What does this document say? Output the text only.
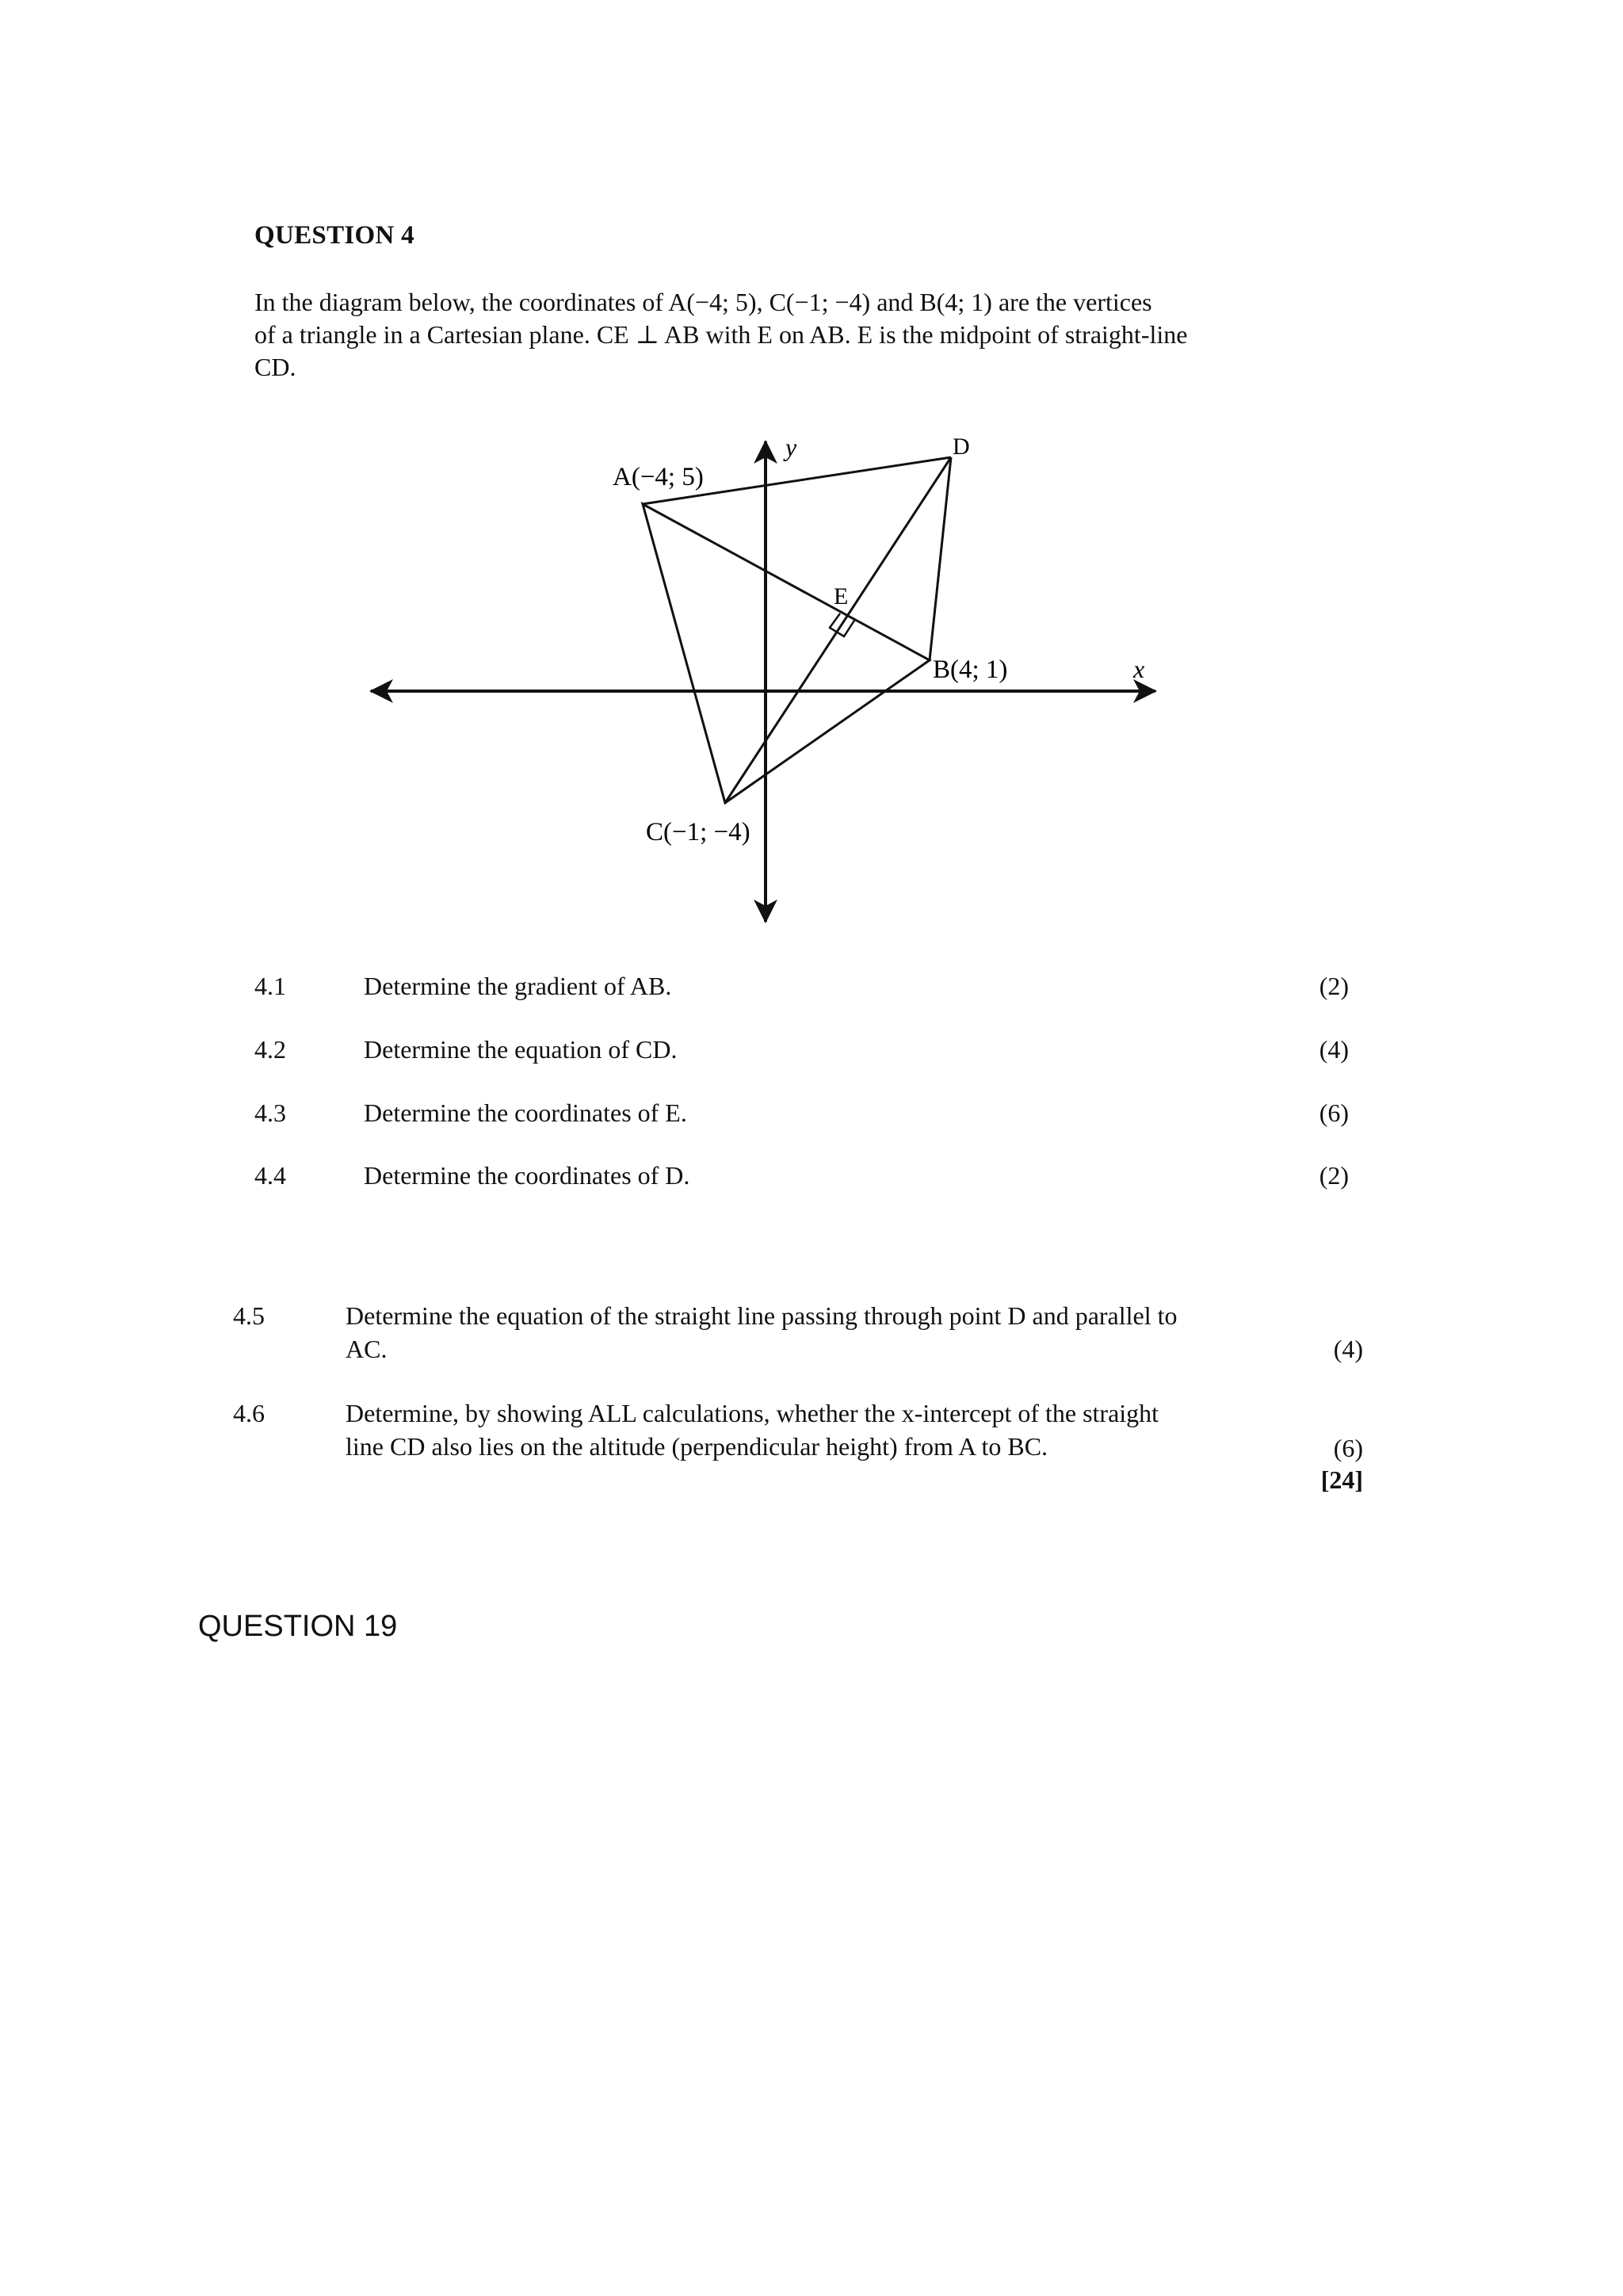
QUESTION 4
In the diagram below, the coordinates of A(−4; 5), C(−1; −4) and B(4; 1) are the vertices
of a triangle in a Cartesian plane. CE ⊥ AB with E on AB. E is the midpoint of straight-line
CD.
A(−4; 5)
B(4; 1)
C(−1; −4)
D
E
x
y
4.1	Determine the gradient of AB.	(2)
4.2	Determine the equation of CD.	(4)
4.3	Determine the coordinates of E.	(6)
4.4	Determine the coordinates of D.	(2)
4.5	Determine the equation of the straight line passing through point D and parallel to
AC.	(4)
4.6	Determine, by showing ALL calculations, whether the x-intercept of the straight
line CD also lies on the altitude (perpendicular height) from A to BC.	(6)
[24]
QUESTION 19
